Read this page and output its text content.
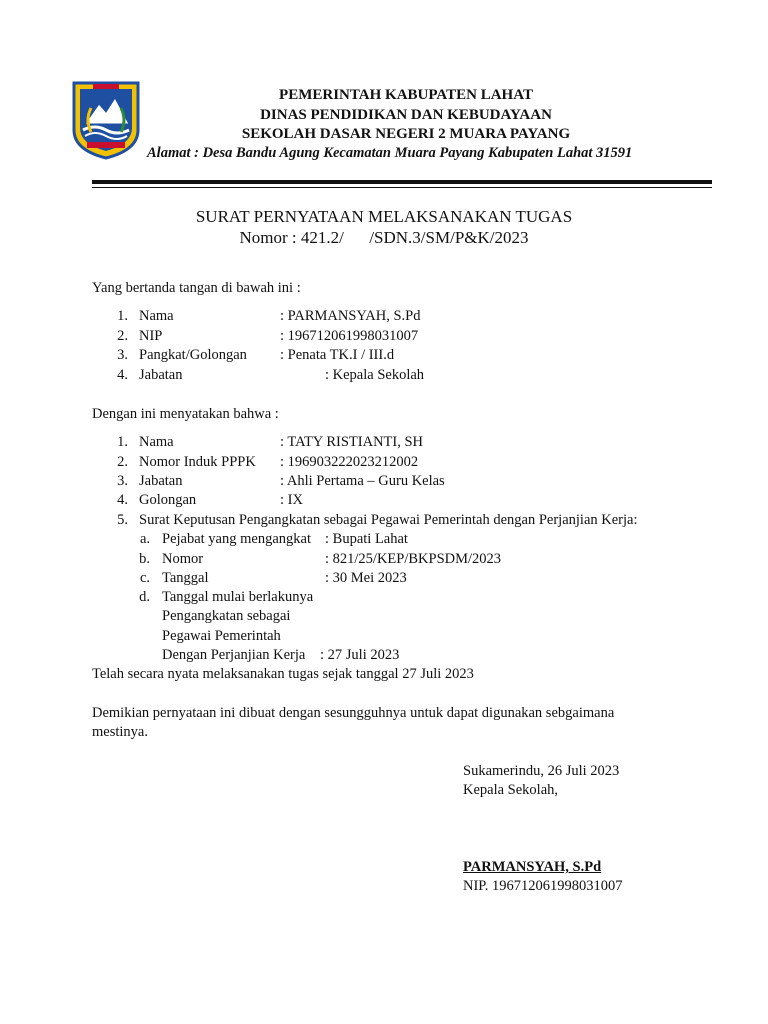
PEMERINTAH KABUPATEN LAHAT
DINAS PENDIDIKAN DAN KEBUDAYAAN
SEKOLAH DASAR NEGERI 2 MUARA PAYANG
Alamat : Desa Bandu Agung Kecamatan Muara Payang Kabupaten Lahat 31591
SURAT PERNYATAAN MELAKSANAKAN TUGAS
Nomor : 421.2/      /SDN.3/SM/P&K/2023
Yang bertanda tangan di bawah ini :
1. Nama	: PARMANSYAH, S.Pd
2. NIP	: 196712061998031007
3. Pangkat/Golongan : Penata TK.I / III.d
4. Jabatan	: Kepala Sekolah
Dengan ini menyatakan bahwa :
1. Nama	: TATY RISTIANTI, SH
2. Nomor Induk PPPK : 196903222023212002
3. Jabatan	: Ahli Pertama – Guru Kelas
4. Golongan	: IX
5. Surat Keputusan Pengangkatan sebagai Pegawai Pemerintah dengan Perjanjian Kerja:
a. Pejabat yang mengangkat : Bupati Lahat
b. Nomor	: 821/25/KEP/BKPSDM/2023
c. Tanggal	: 30 Mei 2023
d. Tanggal mulai berlakunya
Pengangkatan sebagai
Pegawai Pemerintah
Dengan Perjanjian Kerja : 27 Juli 2023
Telah secara nyata melaksanakan tugas sejak tanggal 27 Juli 2023
Demikian pernyataan ini dibuat dengan sesungguhnya untuk dapat digunakan sebgaimana
mestinya.
Sukamerindu, 26 Juli 2023
Kepala Sekolah,
PARMANSYAH, S.Pd
NIP. 196712061998031007
